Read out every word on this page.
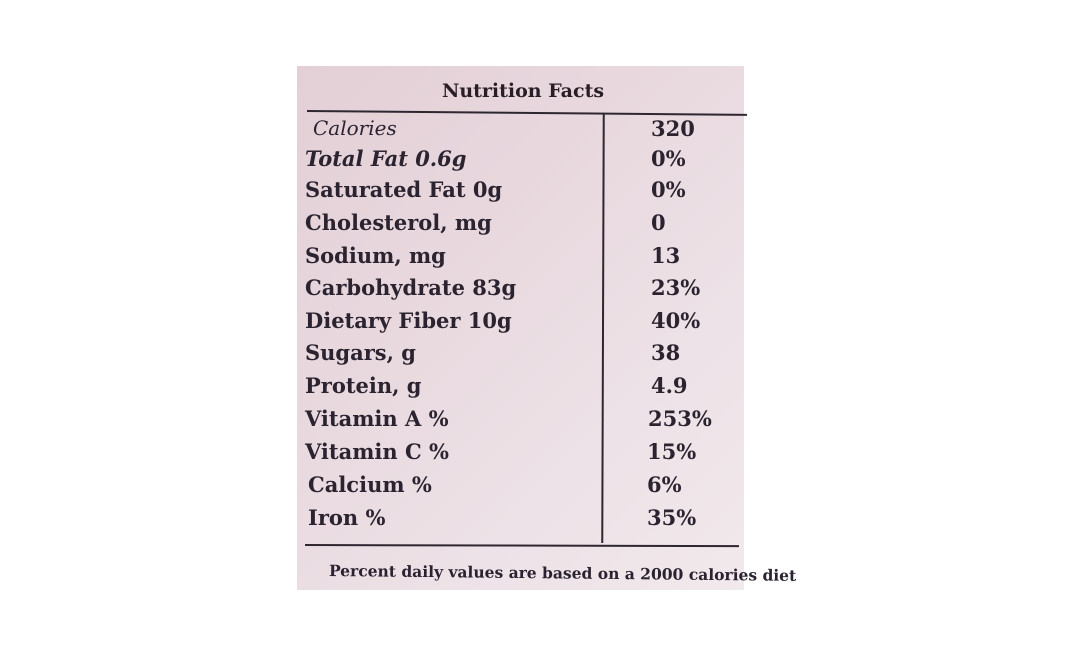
Nutrition Facts
Calories	320
Total Fat 0.6g	0%
Saturated Fat 0g	0%
Cholesterol, mg	0
Sodium, mg	13
Carbohydrate 83g	23%
Dietary Fiber 10g	40%
Sugars, g	38
Protein, g	4.9
Vitamin A %	253%
Vitamin C %	15%
Calcium %	6%
Iron %	35%
Percent daily values are based on a 2000 calories diet
